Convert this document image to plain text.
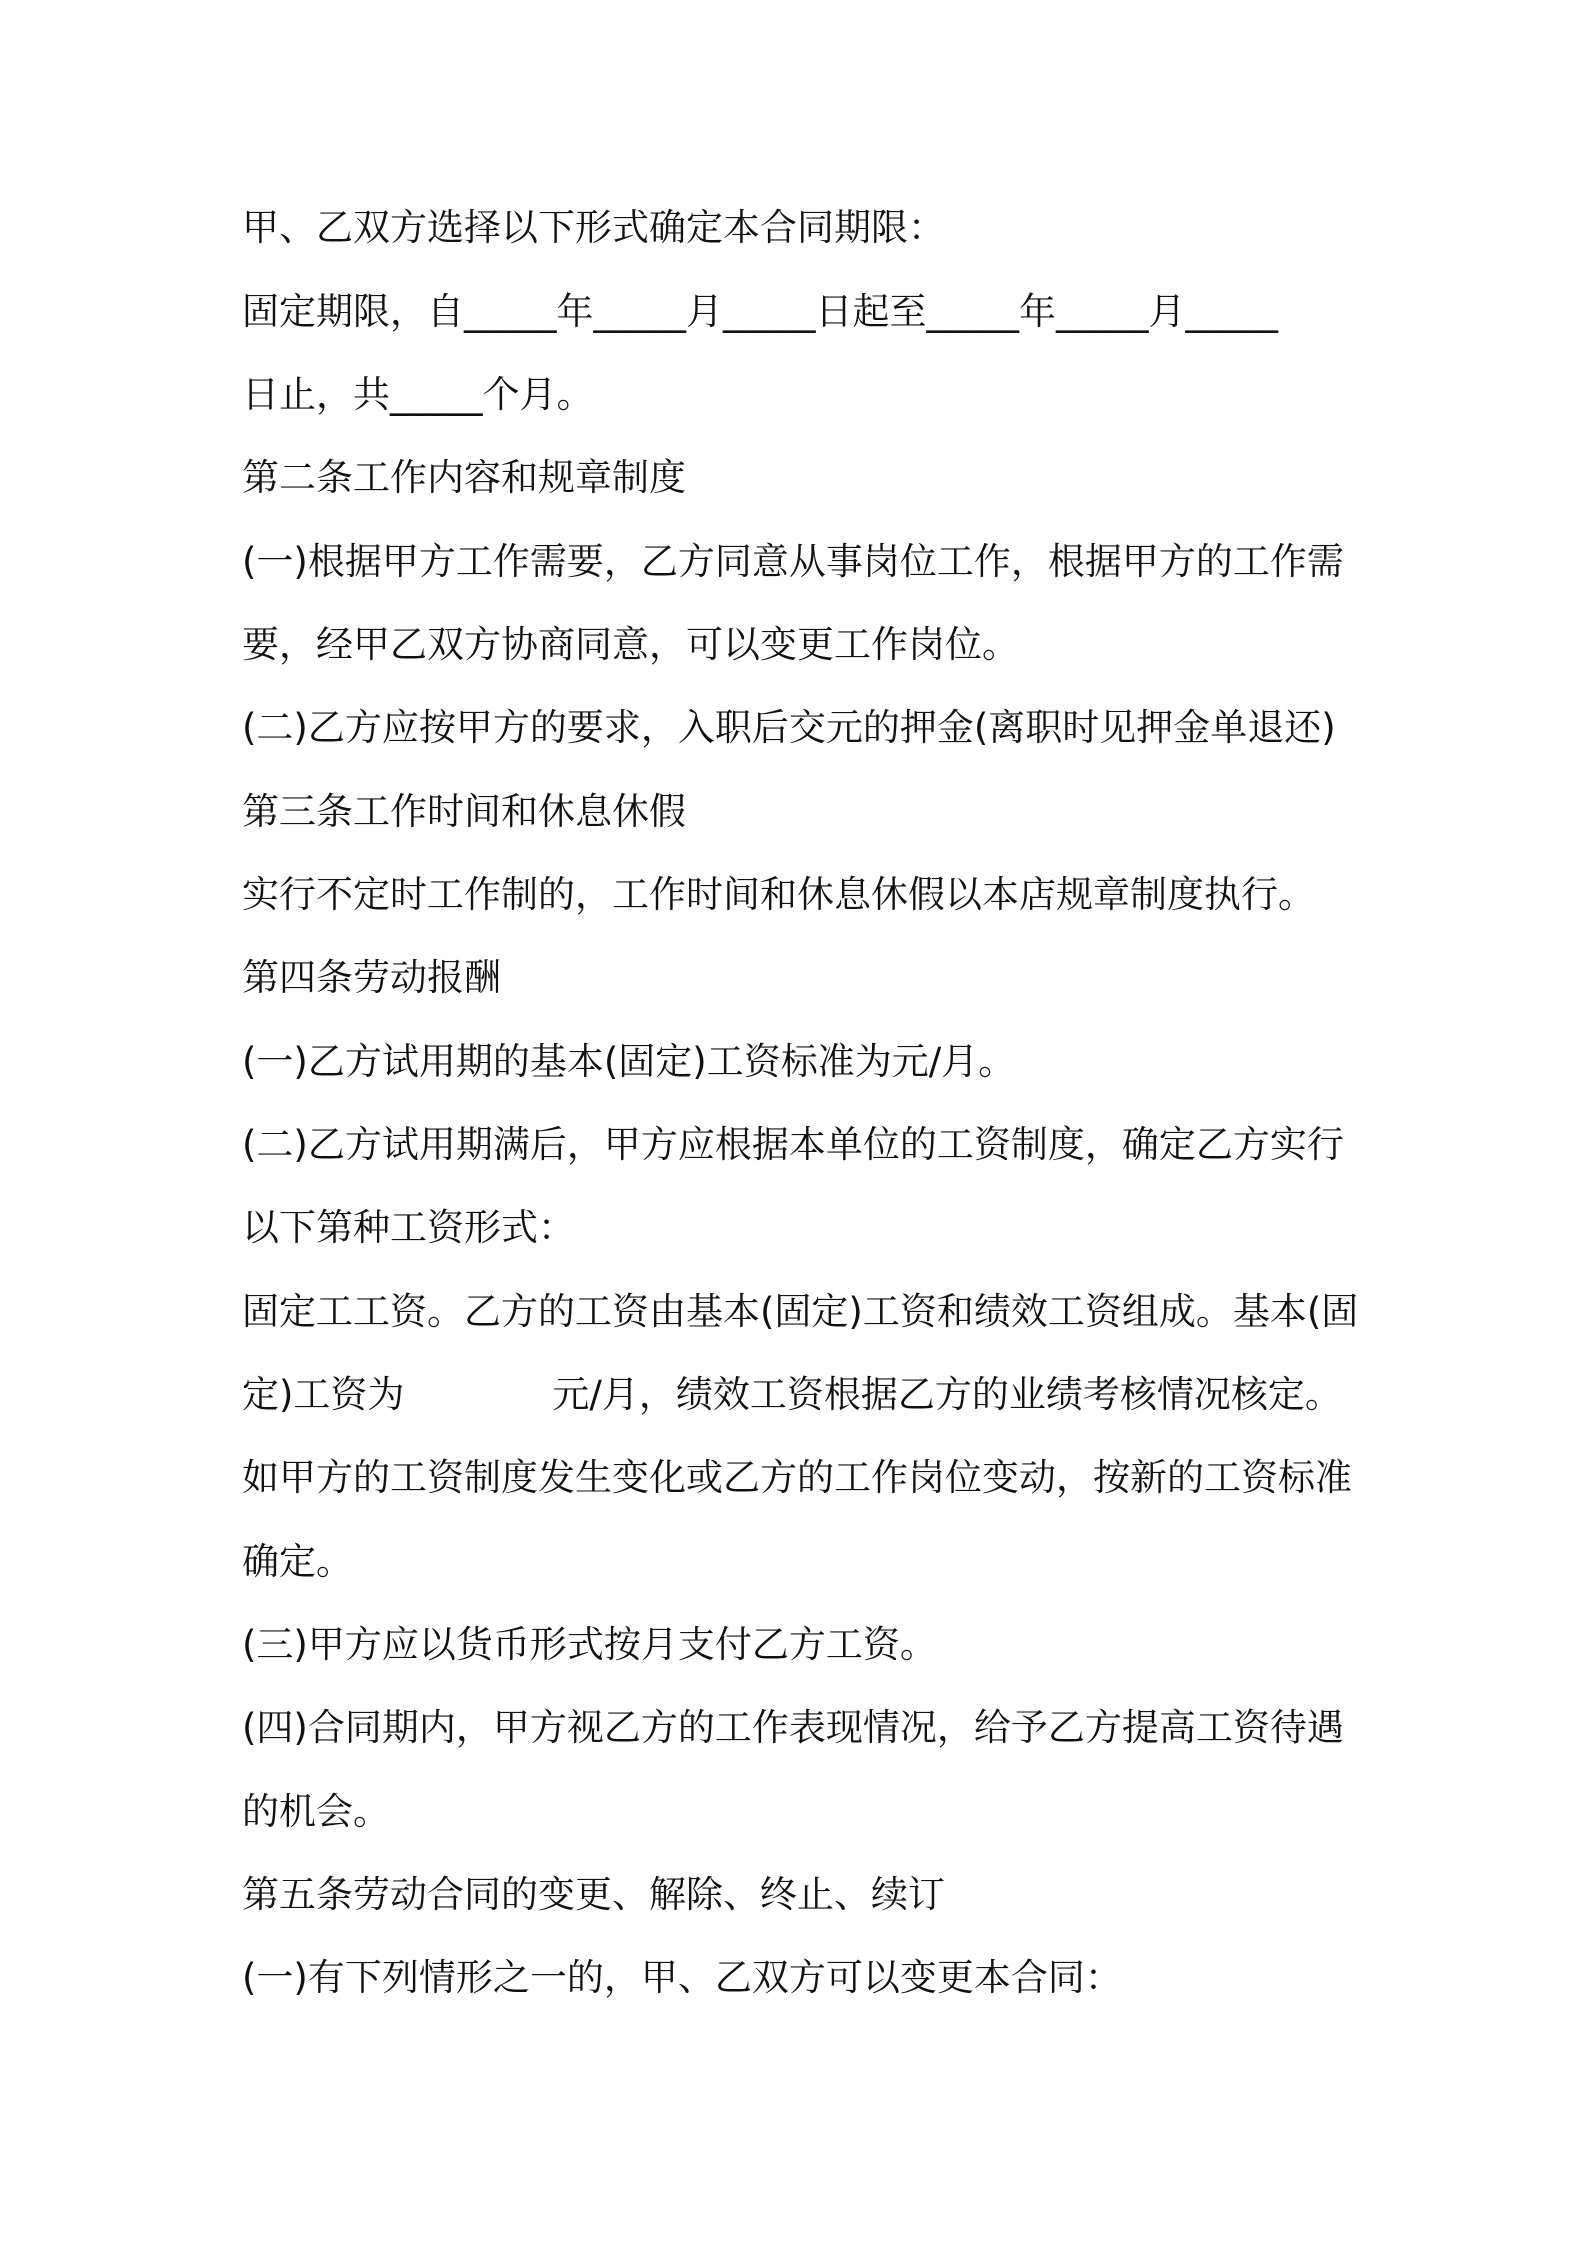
甲、乙双方选择以下形式确定本合同期限：
固定期限，自_____年_____月_____日起至_____年_____月_____
日止，共_____个月。
第二条工作内容和规章制度
(一)根据甲方工作需要，乙方同意从事岗位工作，根据甲方的工作需
要，经甲乙双方协商同意，可以变更工作岗位。
(二)乙方应按甲方的要求，入职后交元的押金(离职时见押金单退还)
第三条工作时间和休息休假
实行不定时工作制的，工作时间和休息休假以本店规章制度执行。
第四条劳动报酬
(一)乙方试用期的基本(固定)工资标准为元/月。
(二)乙方试用期满后，甲方应根据本单位的工资制度，确定乙方实行
以下第种工资形式：
固定工工资。乙方的工资由基本(固定)工资和绩效工资组成。基本(固
定)工资为　　　　元/月，绩效工资根据乙方的业绩考核情况核定。
如甲方的工资制度发生变化或乙方的工作岗位变动，按新的工资标准
确定。
(三)甲方应以货币形式按月支付乙方工资。
(四)合同期内，甲方视乙方的工作表现情况，给予乙方提高工资待遇
的机会。
第五条劳动合同的变更、解除、终止、续订
(一)有下列情形之一的，甲、乙双方可以变更本合同：
